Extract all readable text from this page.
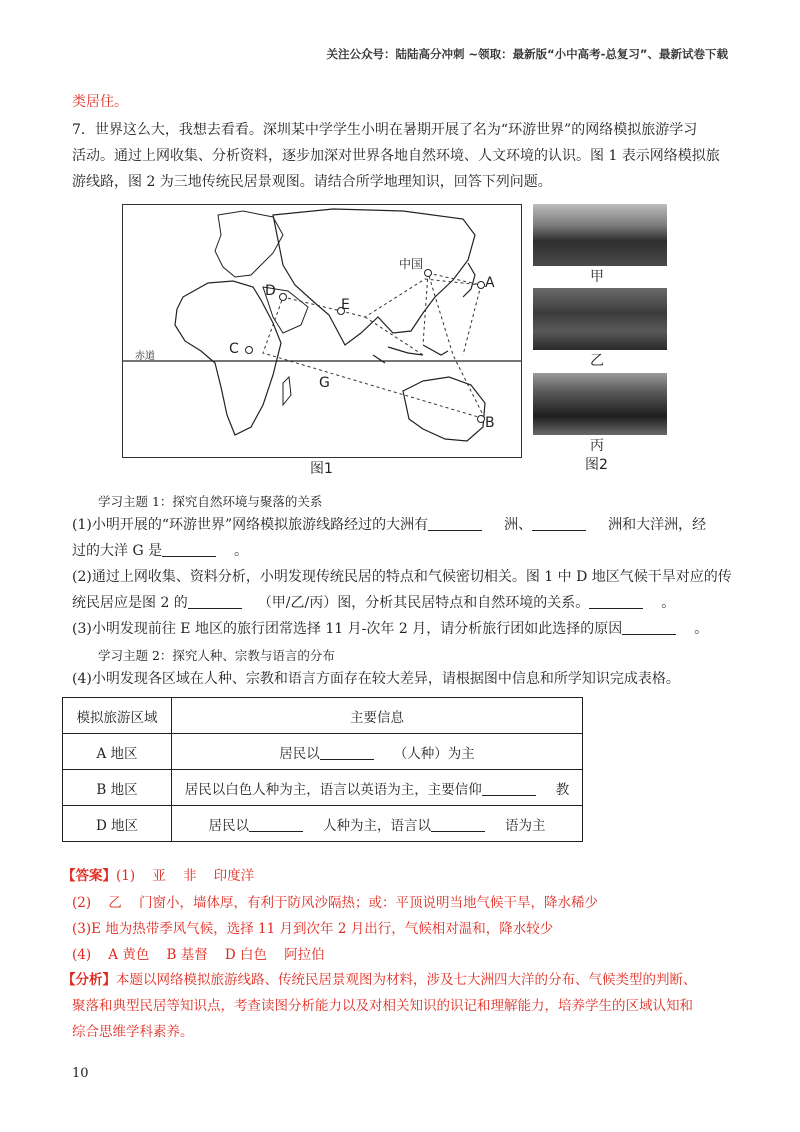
关注公众号：陆陆高分冲刺 ~领取：最新版“小中高考-总复习”、最新试卷下载
类居住。
7．世界这么大，我想去看看。深圳某中学学生小明在暑期开展了名为“环游世界”的网络模拟旅游学习
活动。通过上网收集、分析资料，逐步加深对世界各地自然环境、人文环境的认识。图 1 表示网络模拟旅
游线路，图 2 为三地传统民居景观图。请结合所学地理知识，回答下列问题。
赤道
中国
A
B
C
D
E
G
图1
甲
乙
丙
图2
学习主题 1：探究自然环境与聚落的关系
(1)小明开展的“环游世界”网络模拟旅游线路经过的大洲有	洲、	洲和大洋洲，经
过的大洋 G 是	。
(2)通过上网收集、资料分析，小明发现传统民居的特点和气候密切相关。图 1 中 D 地区气候干旱对应的传
统民居应是图 2 的	（甲/乙/丙）图，分析其民居特点和自然环境的关系。	。
(3)小明发现前往 E 地区的旅行团常选择 11 月-次年 2 月，请分析旅行团如此选择的原因	。
学习主题 2：探究人种、宗教与语言的分布
(4)小明发现各区域在人种、宗教和语言方面存在较大差异，请根据图中信息和所学知识完成表格。
模拟旅游区域	主要信息
A 地区	居民以 （人种）为主
B 地区	居民以白色人种为主，语言以英语为主，主要信仰 教
D 地区	居民以 人种为主，语言以 语为主
【答案】(1)    亚    非    印度洋
(2)    乙    门窗小，墙体厚，有利于防风沙隔热；或：平顶说明当地气候干旱，降水稀少
(3)E 地为热带季风气候，选择 11 月到次年 2 月出行，气候相对温和，降水较少
(4)    A 黄色    B 基督    D 白色    阿拉伯
【分析】本题以网络模拟旅游线路、传统民居景观图为材料，涉及七大洲四大洋的分布、气候类型的判断、
聚落和典型民居等知识点，考查读图分析能力以及对相关知识的识记和理解能力，培养学生的区域认知和
综合思维学科素养。
10
